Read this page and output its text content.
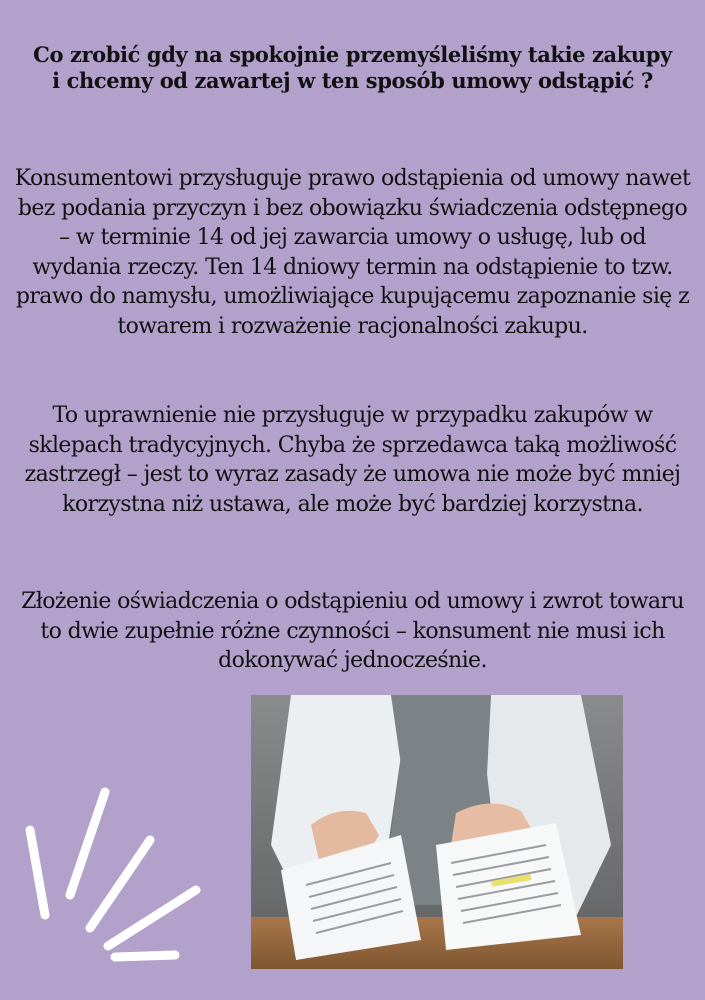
Co zrobić gdy na spokojnie przemyśleliśmy takie zakupy i chcemy od zawartej w ten sposób umowy odstąpić ?
Konsumentowi przysługuje prawo odstąpienia od umowy nawet bez podania przyczyn i bez obowiązku świadczenia odstępnego – w terminie 14 od jej zawarcia umowy o usługę, lub od wydania rzeczy. Ten 14 dniowy termin na odstąpienie to tzw. prawo do namysłu, umożliwiające kupującemu zapoznanie się z towarem i rozważenie racjonalności zakupu.
To uprawnienie nie przysługuje w przypadku zakupów w sklepach tradycyjnych. Chyba że sprzedawca taką możliwość zastrzegł – jest to wyraz zasady że umowa nie może być mniej korzystna niż ustawa, ale może być bardziej korzystna.
Złożenie oświadczenia o odstąpieniu od umowy i zwrot towaru to dwie zupełnie różne czynności – konsument nie musi ich dokonywać jednocześnie.
